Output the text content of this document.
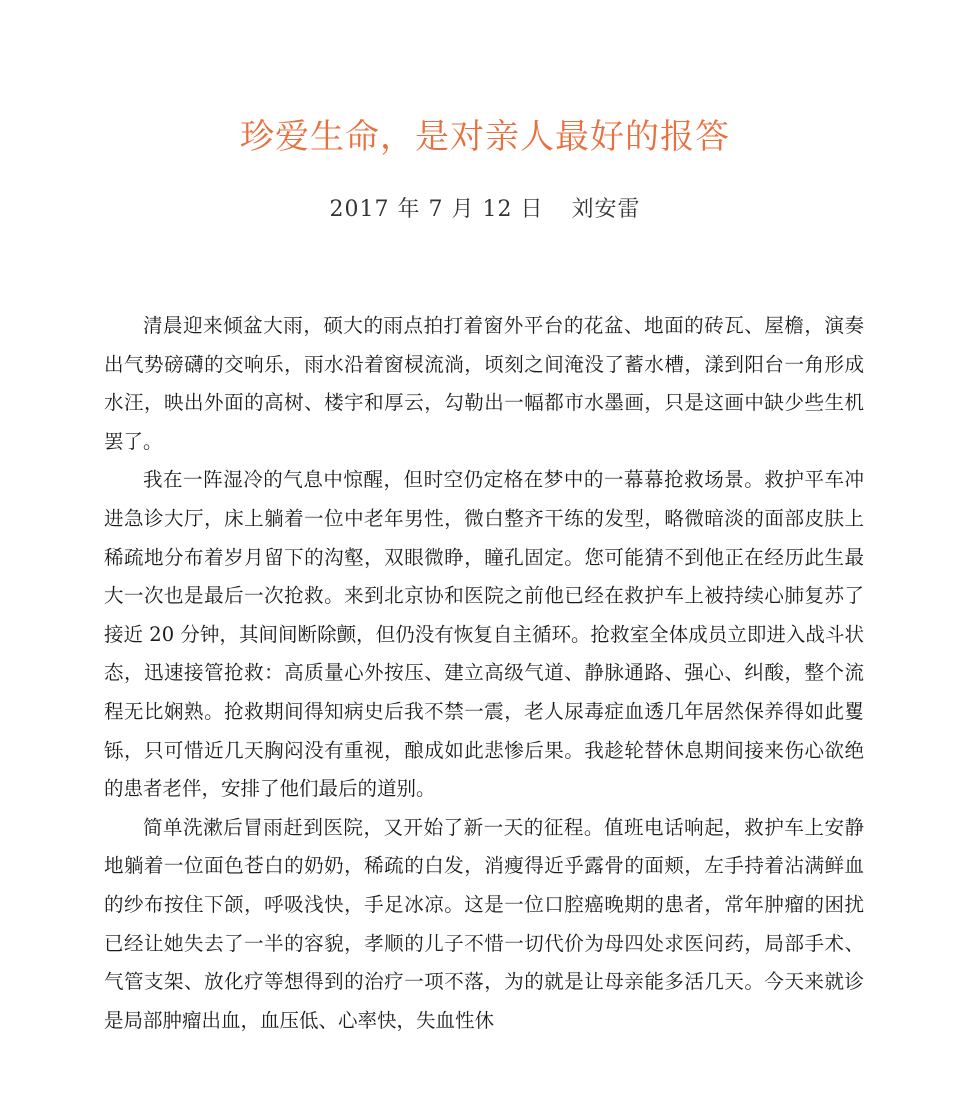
珍爱生命，是对亲人最好的报答
2017 年 7 月 12 日 刘安雷

清晨迎来倾盆大雨，硕大的雨点拍打着窗外平台的花盆、地面的砖瓦、屋檐，演奏出气势磅礴的交响乐，雨水沿着窗棂流淌，顷刻之间淹没了蓄水槽，漾到阳台一角形成水汪，映出外面的高树、楼宇和厚云，勾勒出一幅都市水墨画，只是这画中缺少些生机罢了。

我在一阵湿冷的气息中惊醒，但时空仍定格在梦中的一幕幕抢救场景。救护平车冲进急诊大厅，床上躺着一位中老年男性，微白整齐干练的发型，略微暗淡的面部皮肤上稀疏地分布着岁月留下的沟壑，双眼微睁，瞳孔固定。您可能猜不到他正在经历此生最大一次也是最后一次抢救。来到北京协和医院之前他已经在救护车上被持续心肺复苏了接近 20 分钟，其间间断除颤，但仍没有恢复自主循环。抢救室全体成员立即进入战斗状态，迅速接管抢救：高质量心外按压、建立高级气道、静脉通路、强心、纠酸，整个流程无比娴熟。抢救期间得知病史后我不禁一震，老人尿毒症血透几年居然保养得如此矍铄，只可惜近几天胸闷没有重视，酿成如此悲惨后果。我趁轮替休息期间接来伤心欲绝的患者老伴，安排了他们最后的道别。

简单洗漱后冒雨赶到医院，又开始了新一天的征程。值班电话响起，救护车上安静地躺着一位面色苍白的奶奶，稀疏的白发，消瘦得近乎露骨的面颊，左手持着沾满鲜血的纱布按住下颌，呼吸浅快，手足冰凉。这是一位口腔癌晚期的患者，常年肿瘤的困扰已经让她失去了一半的容貌，孝顺的儿子不惜一切代价为母四处求医问药，局部手术、气管支架、放化疗等想得到的治疗一项不落，为的就是让母亲能多活几天。今天来就诊是局部肿瘤出血，血压低、心率快，失血性休
